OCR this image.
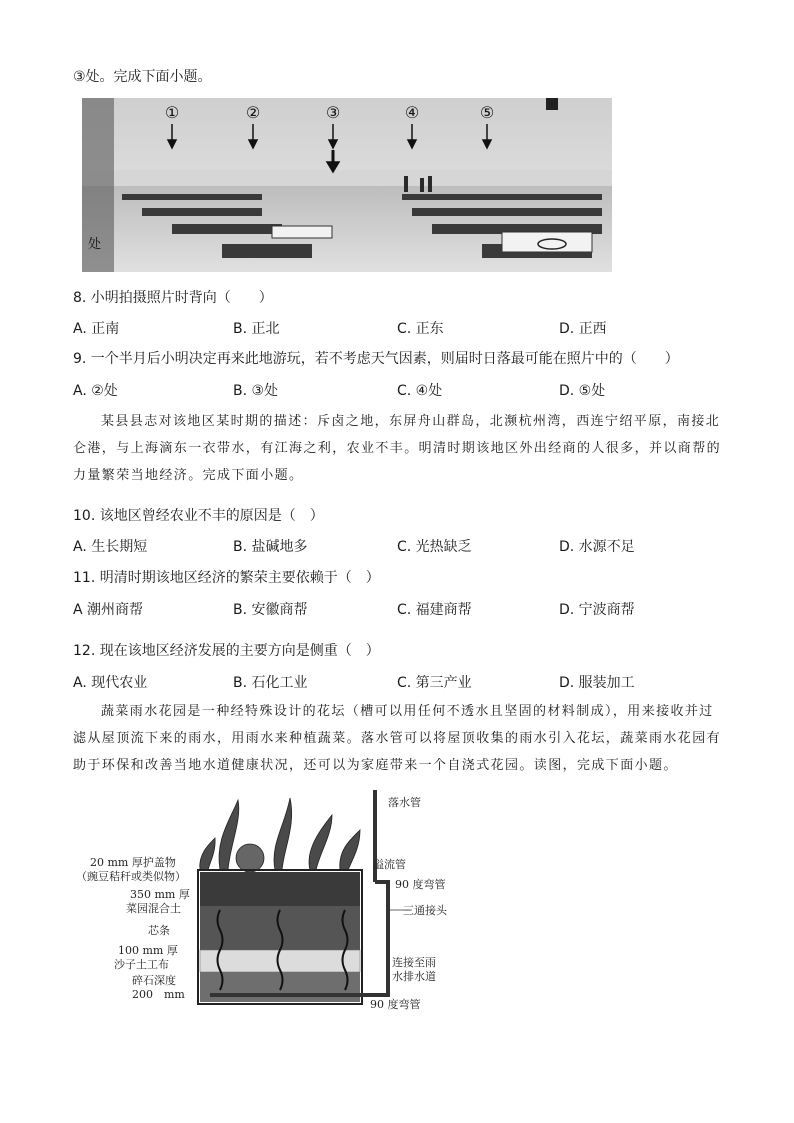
③处。完成下面小题。
①	②	③	④	⑤
处
8. 小明拍摄照片时背向（　　）
A. 正南	B. 正北	C. 正东	D. 正西
9. 一个半月后小明决定再来此地游玩，若不考虑天气因素，则届时日落最可能在照片中的（　　）
A. ②处	B. ③处	C. ④处	D. ⑤处
某县县志对该地区某时期的描述：斥卤之地，东屏舟山群岛，北濒杭州湾，西连宁绍平原，南接北仑港，与上海滴东一衣带水，有江海之利，农业不丰。明清时期该地区外出经商的人很多，并以商帮的力量繁荣当地经济。完成下面小题。
10. 该地区曾经农业不丰的原因是（　）
A. 生长期短	B. 盐碱地多	C. 光热缺乏	D. 水源不足
11. 明清时期该地区经济的繁荣主要依赖于（　）
A 潮州商帮	B. 安徽商帮	C. 福建商帮	D. 宁波商帮
12. 现在该地区经济发展的主要方向是侧重（　）
A. 现代农业	B. 石化工业	C. 第三产业	D. 服装加工
蔬菜雨水花园是一种经特殊设计的花坛（槽可以用任何不透水且坚固的材料制成），用来接收并过滤从屋顶流下来的雨水，用雨水来种植蔬菜。落水管可以将屋顶收集的雨水引入花坛，蔬菜雨水花园有助于环保和改善当地水道健康状况，还可以为家庭带来一个自浇式花园。读图，完成下面小题。
落水管
溢流管
90 度弯管
三通接头
连接至雨
水排水道
90 度弯管
20 mm 厚护盖物
（豌豆秸秆或类似物）
350 mm 厚
菜园混合土
芯条
100 mm 厚
沙子土工布
碎石深度
200　mm
